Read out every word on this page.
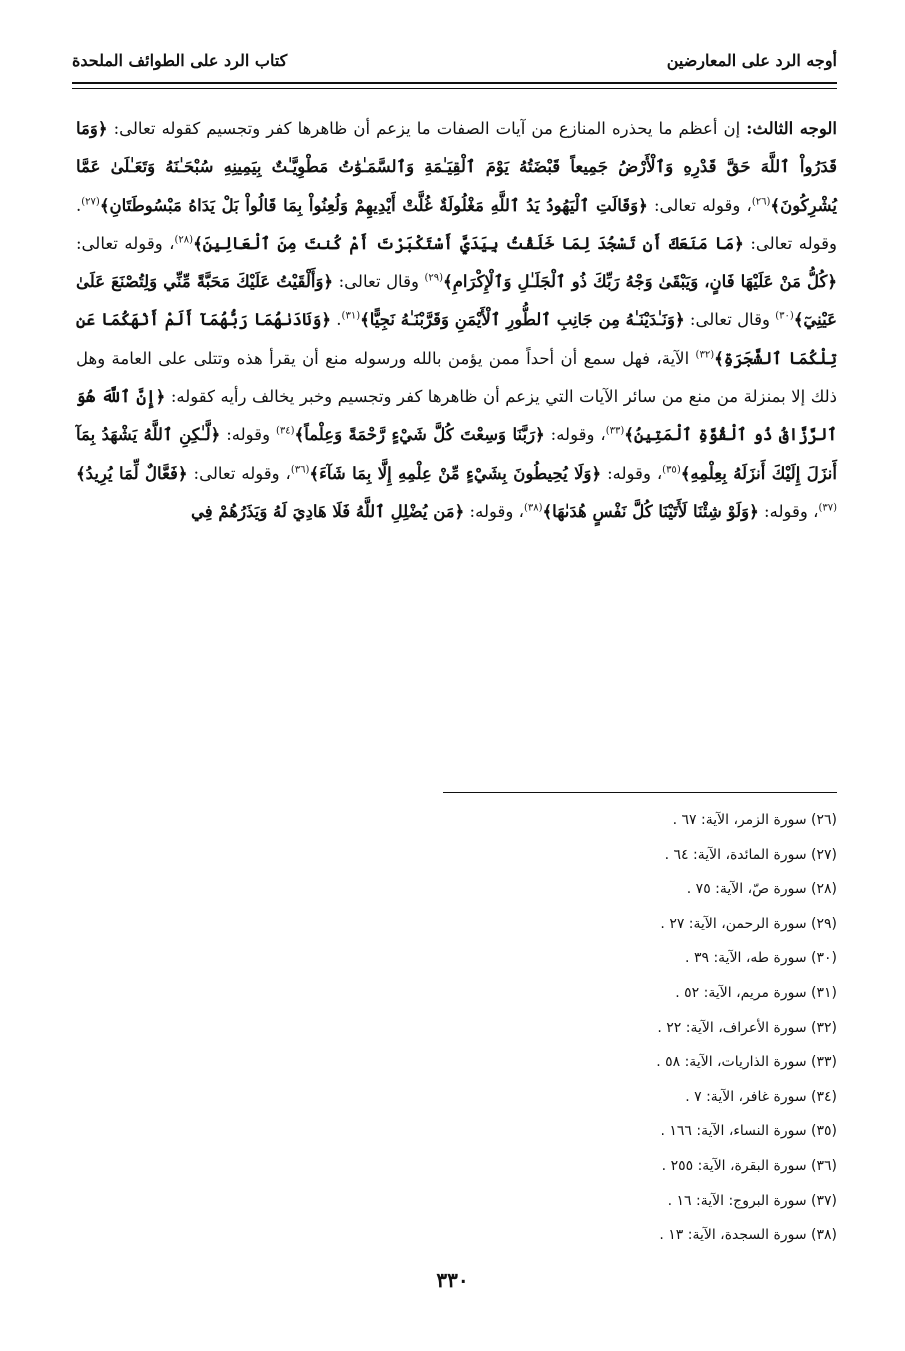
أوجه الرد على المعارضين
كتاب الرد على الطوائف الملحدة

الوجه الثالث: إن أعظم ما يحذره المنازع من آيات الصفات ما يزعم أن ظاهرها كفر وتجسيم كقوله تعالى: ﴿وَمَا قَدَرُواْ ٱللَّهَ حَقَّ قَدْرِهِ وَٱلْأَرْضُ جَمِيعاً قَبْضَتُهُ يَوْمَ ٱلْقِيَـٰمَةِ وَٱلسَّمَـٰوَٰتُ مَطْوِيَّـٰتٌ بِيَمِينِهِ سُبْحَـٰنَهُ وَتَعَـٰلَىٰ عَمَّا يُشْرِكُونَ﴾$^{(٢٦)}$، وقوله تعالى: ﴿وَقَالَتِ ٱلْيَهُودُ يَدُ ٱللَّهِ مَغْلُولَةٌ غُلَّتْ أَيْدِيهِمْ وَلُعِنُواْ بِمَا قَالُواْ بَلْ يَدَاهُ مَبْسُوطَتَانِ﴾$^{(٢٧)}$. وقوله تعالى: ﴿مَا مَنَعَكَ أَن تَسْجُدَ لِمَا خَلَقْتُ بِيَدَيَّ أَسْتَكْبَرْتَ أَمْ كُنتَ مِنَ ٱلْعَالِينَ﴾$^{(٢٨)}$، وقوله تعالى: ﴿كُلُّ مَنْ عَلَيْهَا فَانٍ، وَيَبْقَىٰ وَجْهُ رَبِّكَ ذُو ٱلْجَلَـٰلِ وَٱلْإِكْرَامِ﴾$^{(٢٩)}$ وقال تعالى: ﴿وَأَلْقَيْتُ عَلَيْكَ مَحَبَّةً مِّنِّي وَلِتُصْنَعَ عَلَىٰ عَيْنِيٓ﴾$^{(٣٠)}$ وقال تعالى: ﴿وَنَـٰدَيْنَـٰهُ مِن جَانِبِ ٱلطُّورِ ٱلْأَيْمَنِ وَقَرَّبْنَـٰهُ نَجِيًّا﴾$^{(٣١)}$. ﴿وَنَادَىٰهُمَا رَبُّهُمَآ أَلَمْ أَنْهَكُمَا عَن تِلْكُمَا ٱلشَّجَرَةِ﴾$^{(٣٢)}$ الآية، فهل سمع أن أحداً ممن يؤمن بالله ورسوله منع أن يقرأ هذه وتتلى على العامة وهل ذلك إلا بمنزلة من منع من سائر الآيات التي يزعم أن ظاهرها كفر وتجسيم وخبر يخالف رأيه كقوله: ﴿إِنَّ ٱللَّهَ هُوَ ٱلرَّزَّاقُ ذُو ٱلْقُوَّةِ ٱلْمَتِينُ﴾$^{(٣٣)}$، وقوله: ﴿رَبَّنَا وَسِعْتَ كُلَّ شَيْءٍ رَّحْمَةً وَعِلْماً﴾$^{(٣٤)}$ وقوله: ﴿لَّـٰكِنِ ٱللَّهُ يَشْهَدُ بِمَآ أَنزَلَ إِلَيْكَ أَنزَلَهُ بِعِلْمِهِ﴾$^{(٣٥)}$، وقوله: ﴿وَلَا يُحِيطُونَ بِشَيْءٍ مِّنْ عِلْمِهِ إِلَّا بِمَا شَآءَ﴾$^{(٣٦)}$، وقوله تعالى: ﴿فَعَّالٌ لِّمَا يُرِيدُ﴾$^{(٣٧)}$، وقوله: ﴿وَلَوْ شِئْنَا لَأَتَيْنَا كُلَّ نَفْسٍ هُدَىٰهَا﴾$^{(٣٨)}$، وقوله: ﴿مَن يُضْلِلِ ٱللَّهُ فَلَا هَادِيَ لَهُ وَيَذَرُهُمْ فِي

(٢٦) سورة الزمر، الآية: ٦٧ .
(٢٧) سورة المائدة، الآية: ٦٤ .
(٢٨) سورة صّ، الآية: ٧٥ .
(٢٩) سورة الرحمن، الآية: ٢٧ .
(٣٠) سورة طه، الآية: ٣٩ .
(٣١) سورة مريم، الآية: ٥٢ .
(٣٢) سورة الأعراف، الآية: ٢٢ .
(٣٣) سورة الذاريات، الآية: ٥٨ .
(٣٤) سورة غافر، الآية: ٧ .
(٣٥) سورة النساء، الآية: ١٦٦ .
(٣٦) سورة البقرة، الآية: ٢٥٥ .
(٣٧) سورة البروج: الآية: ١٦ .
(٣٨) سورة السجدة، الآية: ١٣ .
٣٣٠
